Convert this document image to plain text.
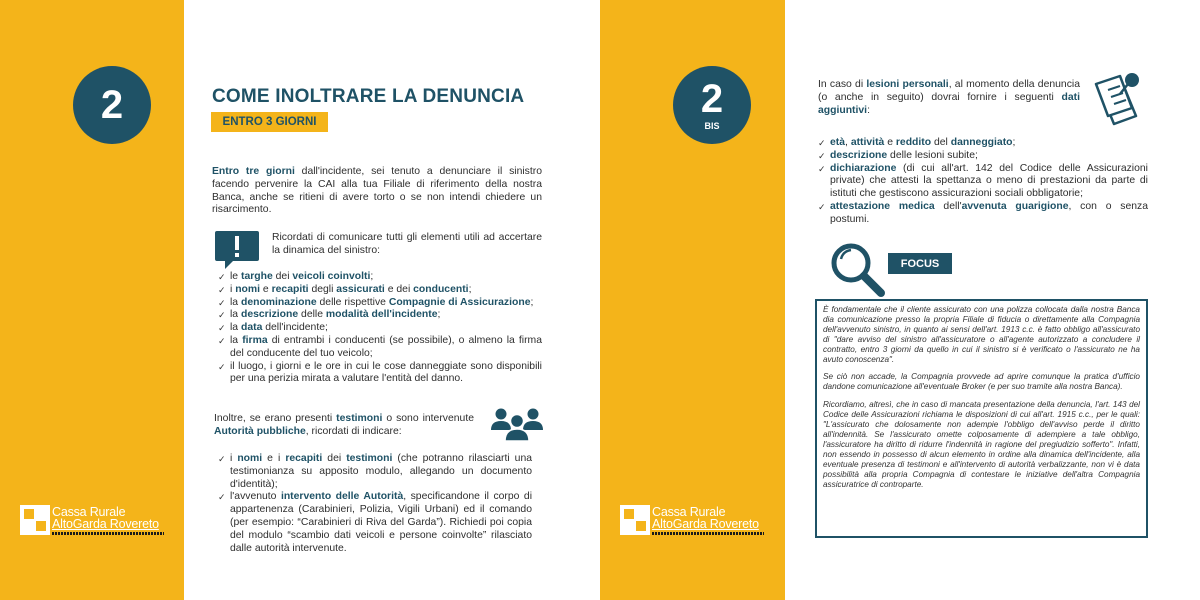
2
Cassa Rurale
AltoGarda Rovereto
COME INOLTRARE LA DENUNCIA
ENTRO 3 GIORNI
Entro tre giorni dall'incidente, sei tenuto a denunciare il sinistro facendo pervenire la CAI alla tua Filiale di riferimento della nostra Banca, anche se ritieni di avere torto o se non intendi chiedere un risarcimento.
Ricordati di comunicare tutti gli elementi utili ad accertare la dinamica del sinistro:
✓ le targhe dei veicoli coinvolti;
✓ i nomi e recapiti degli assicurati e dei conducenti;
✓ la denominazione delle rispettive Compagnie di Assicurazione;
✓ la descrizione delle modalità dell'incidente;
✓ la data dell'incidente;
✓ la firma di entrambi i conducenti (se possibile), o almeno la firma del conducente del tuo veicolo;
✓ il luogo, i giorni e le ore in cui le cose danneggiate sono disponibili per una perizia mirata a valutare l'entità del danno.
Inoltre, se erano presenti testimoni o sono intervenute Autorità pubbliche, ricordati di indicare:
✓ i nomi e i recapiti dei testimoni (che potranno rilasciarti una testimonianza su apposito modulo, allegando un documento d'identità);
✓ l'avvenuto intervento delle Autorità, specificandone il corpo di appartenenza (Carabinieri, Polizia, Vigili Urbani) ed il comando (per esempio: “Carabinieri di Riva del Garda”). Richiedi poi copia del modulo “scambio dati veicoli e persone coinvolte” rilasciato dalle autorità intervenute.
2
BIS
Cassa Rurale
AltoGarda Rovereto
In caso di lesioni personali, al momento della denuncia (o anche in seguito) dovrai fornire i seguenti dati aggiuntivi:
✓ età, attività e reddito del danneggiato;
✓ descrizione delle lesioni subite;
✓ dichiarazione (di cui all'art. 142 del Codice delle Assicurazioni private) che attesti la spettanza o meno di prestazioni da parte di istituti che gestiscono assicurazioni sociali obbligatorie;
✓ attestazione medica dell'avvenuta guarigione, con o senza postumi.
FOCUS

È fondamentale che il cliente assicurato con una polizza collocata dalla nostra Banca dia comunicazione presso la propria Filiale di fiducia o direttamente alla Compagnia dell'avvenuto sinistro, in quanto ai sensi dell'art. 1913 c.c. è fatto obbligo all'assicurato di "dare avviso del sinistro all'assicuratore o all'agente autorizzato a concludere il contratto, entro 3 giorni da quello in cui il sinistro si è verificato o l'assicurato ne ha avuto conoscenza".

Se ciò non accade, la Compagnia provvede ad aprire comunque la pratica d'ufficio dandone comunicazione all'eventuale Broker (e per suo tramite alla nostra Banca).

Ricordiamo, altresì, che in caso di mancata presentazione della denuncia, l'art. 143 del Codice delle Assicurazioni richiama le disposizioni di cui all'art. 1915 c.c., per le quali: "L'assicurato che dolosamente non adempie l'obbligo dell'avviso perde il diritto all'indennità. Se l'assicurato omette colposamente di adempiere a tale obbligo, l'assicuratore ha diritto di ridurre l'indennità in ragione del pregiudizio sofferto". Infatti, non essendo in possesso di alcun elemento in ordine alla dinamica dell'incidente, alla eventuale presenza di testimoni e all'intervento di autorità verbalizzante, non vi è data possibilità alla propria Compagnia di contestare le iniziative dell'altra Compagnia assicuratrice di controparte.
